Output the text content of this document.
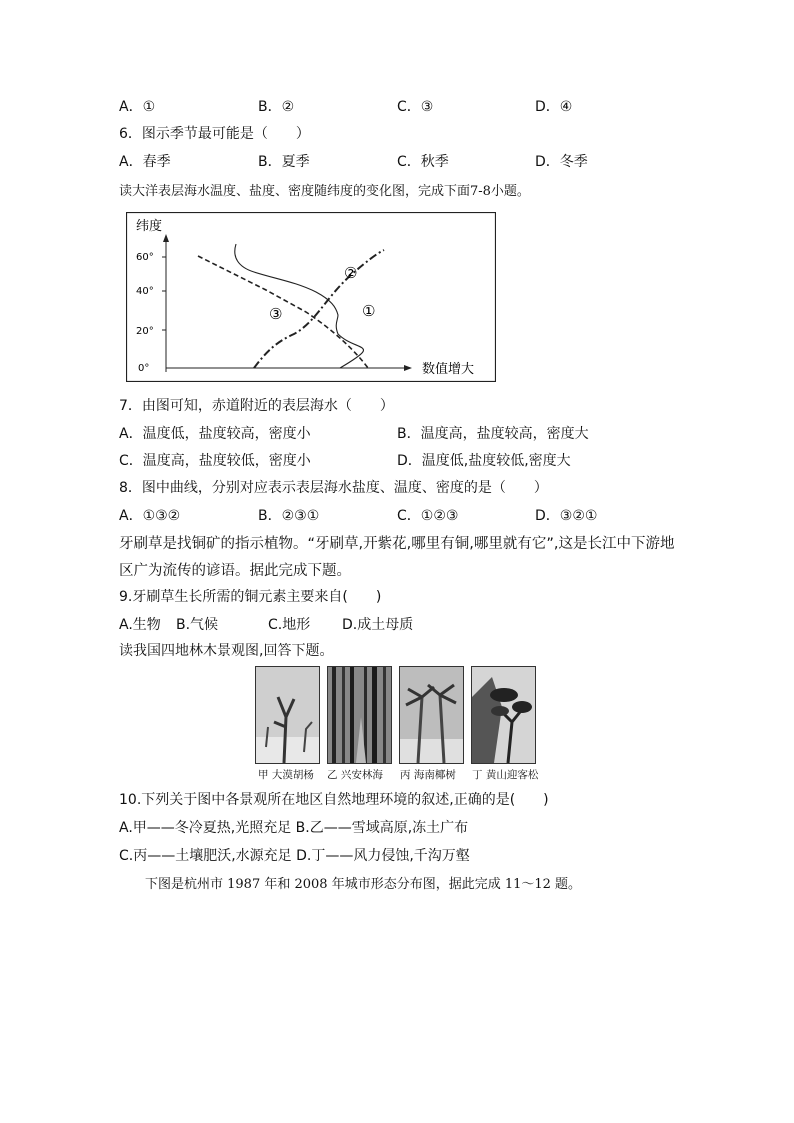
A．①	B．②	C．③	D．④
6．图示季节最可能是（　　）
A．春季	B．夏季	C．秋季	D．冬季
读大洋表层海水温度、盐度、密度随纬度的变化图，完成下面7-8小题。
纬度
数值增大
0°
20°
40°
60°
②
①
③
7．由图可知，赤道附近的表层海水（　　）
A．温度低，盐度较高，密度小	B．温度高，盐度较高，密度大
C．温度高，盐度较低，密度小	D．温度低,盐度较低,密度大
8．图中曲线，分别对应表示表层海水盐度、温度、密度的是（　　）
A．①③②	B．②③①	C．①②③	D．③②①
牙刷草是找铜矿的指示植物。“牙刷草,开紫花,哪里有铜,哪里就有它”,这是长江中下游地
区广为流传的谚语。据此完成下题。
9.牙刷草生长所需的铜元素主要来自(　　)
A.生物 B.气候	C.地形 D.成土母质
读我国四地林木景观图,回答下题。
甲 大漠胡杨 乙 兴安林海 丙 海南椰树 丁 黄山迎客松
10.下列关于图中各景观所在地区自然地理环境的叙述,正确的是(　　)
A.甲——冬冷夏热,光照充足 B.乙——雪域高原,冻土广布
C.丙——土壤肥沃,水源充足 D.丁——风力侵蚀,千沟万壑
下图是杭州市 1987 年和 2008 年城市形态分布图，据此完成 11～12 题。
